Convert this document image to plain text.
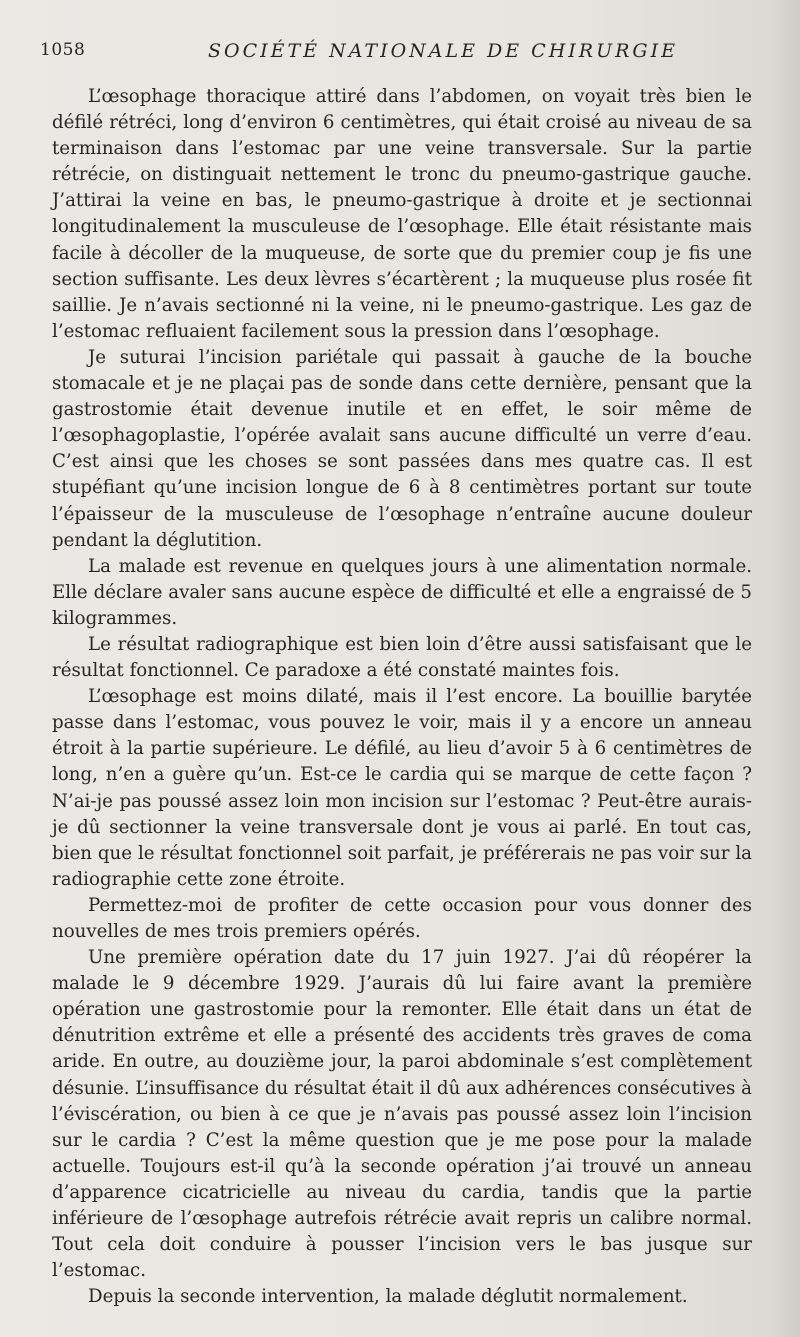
1058	SOCIÉTÉ NATIONALE DE CHIRURGIE

L’œsophage thoracique attiré dans l’abdomen, on voyait très bien le défilé rétréci, long d’environ 6 centimètres, qui était croisé au niveau de sa terminaison dans l’estomac par une veine transversale. Sur la partie rétrécie, on distinguait nettement le tronc du pneumo-gastrique gauche. J’attirai la veine en bas, le pneumo-gastrique à droite et je sectionnai longitudinalement la musculeuse de l’œsophage. Elle était résistante mais facile à décoller de la muqueuse, de sorte que du premier coup je fis une section suffisante. Les deux lèvres s’écartèrent ; la muqueuse plus rosée fit saillie. Je n’avais sectionné ni la veine, ni le pneumo-gastrique. Les gaz de l’estomac refluaient facilement sous la pression dans l’œsophage.

Je suturai l’incision pariétale qui passait à gauche de la bouche stomacale et je ne plaçai pas de sonde dans cette dernière, pensant que la gastrostomie était devenue inutile et en effet, le soir même de l’œsophagoplastie, l’opérée avalait sans aucune difficulté un verre d’eau. C’est ainsi que les choses se sont passées dans mes quatre cas. Il est stupéfiant qu’une incision longue de 6 à 8 centimètres portant sur toute l’épaisseur de la musculeuse de l’œsophage n’entraîne aucune douleur pendant la déglutition.

La malade est revenue en quelques jours à une alimentation normale. Elle déclare avaler sans aucune espèce de difficulté et elle a engraissé de 5 kilogrammes.

Le résultat radiographique est bien loin d’être aussi satisfaisant que le résultat fonctionnel. Ce paradoxe a été constaté maintes fois.

L’œsophage est moins dilaté, mais il l’est encore. La bouillie barytée passe dans l’estomac, vous pouvez le voir, mais il y a encore un anneau étroit à la partie supérieure. Le défilé, au lieu d’avoir 5 à 6 centimètres de long, n’en a guère qu’un. Est-ce le cardia qui se marque de cette façon ? N’ai-je pas poussé assez loin mon incision sur l’estomac ? Peut-être aurais-je dû sectionner la veine transversale dont je vous ai parlé. En tout cas, bien que le résultat fonctionnel soit parfait, je préférerais ne pas voir sur la radiographie cette zone étroite.

Permettez-moi de profiter de cette occasion pour vous donner des nouvelles de mes trois premiers opérés.

Une première opération date du 17 juin 1927. J’ai dû réopérer la malade le 9 décembre 1929. J’aurais dû lui faire avant la première opération une gastrostomie pour la remonter. Elle était dans un état de dénutrition extrême et elle a présenté des accidents très graves de coma aride. En outre, au douzième jour, la paroi abdominale s’est complètement désunie. L’insuffisance du résultat était il dû aux adhérences consécutives à l’éviscération, ou bien à ce que je n’avais pas poussé assez loin l’incision sur le cardia ? C’est la même question que je me pose pour la malade actuelle. Toujours est-il qu’à la seconde opération j’ai trouvé un anneau d’apparence cicatricielle au niveau du cardia, tandis que la partie inférieure de l’œsophage autrefois rétrécie avait repris un calibre normal. Tout cela doit conduire à pousser l’incision vers le bas jusque sur l’estomac.

Depuis la seconde intervention, la malade déglutit normalement.
